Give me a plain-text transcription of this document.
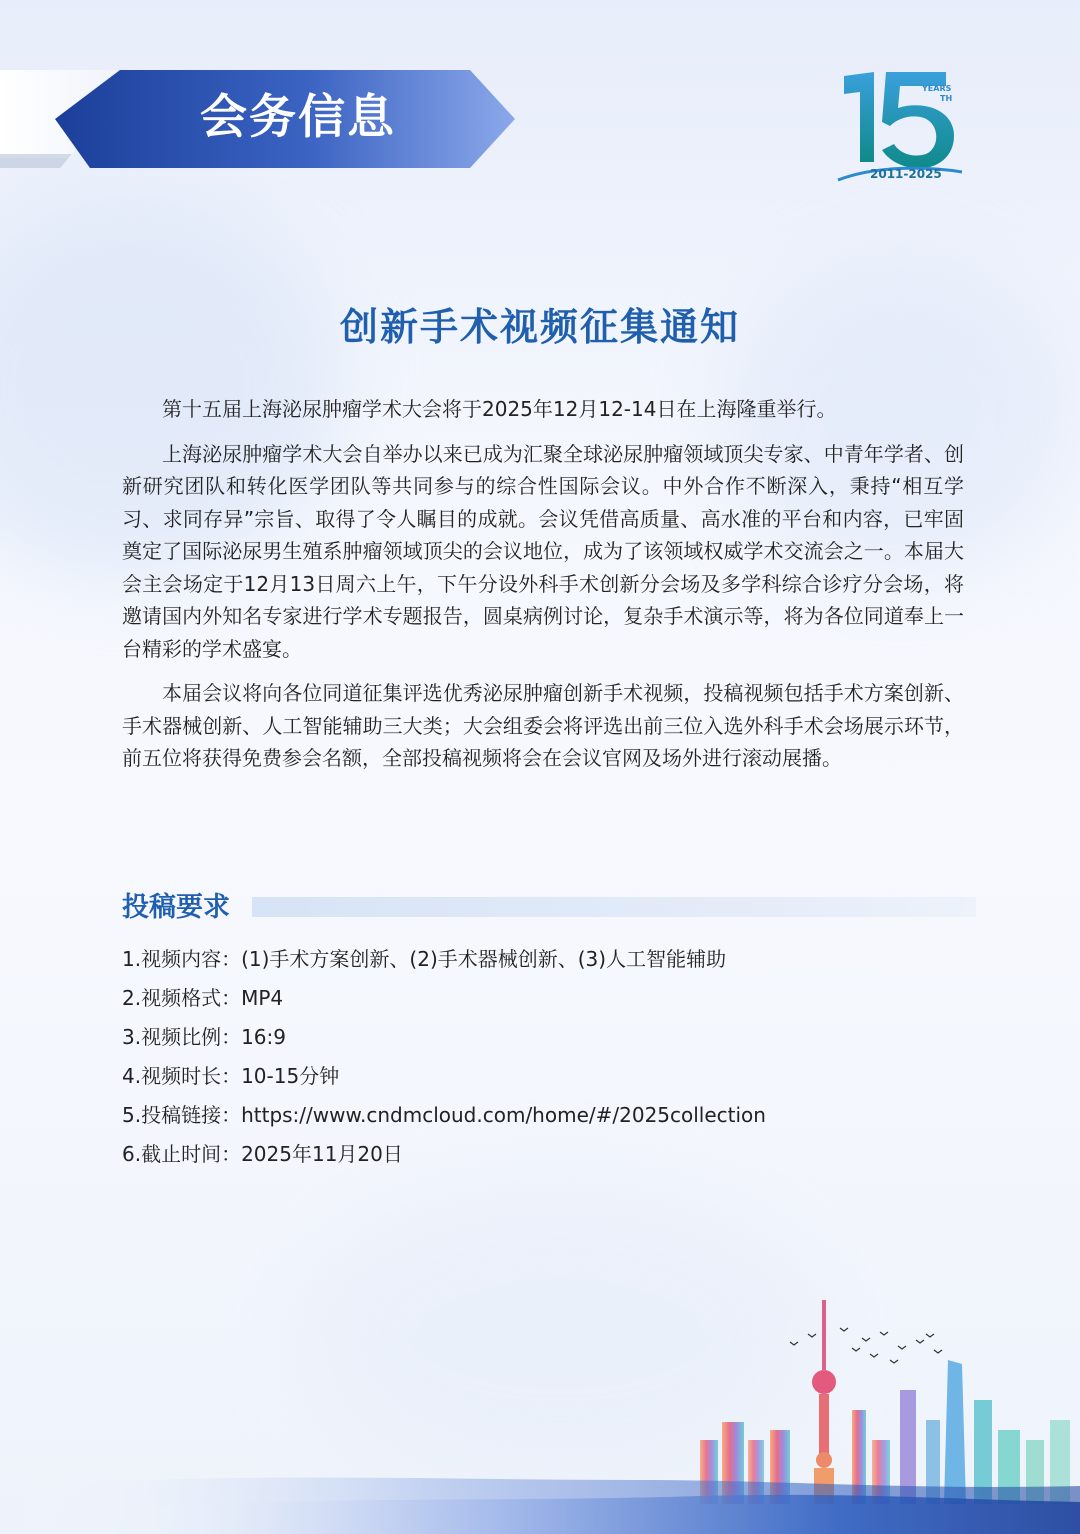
会务信息
YEARS
TH
2011-2025
创新手术视频征集通知

第十五届上海泌尿肿瘤学术大会将于2025年12月12-14日在上海隆重举行。

上海泌尿肿瘤学术大会自举办以来已成为汇聚全球泌尿肿瘤领域顶尖专家、中青年学者、创新研究团队和转化医学团队等共同参与的综合性国际会议。中外合作不断深入，秉持“相互学习、求同存异”宗旨、取得了令人瞩目的成就。会议凭借高质量、高水准的平台和内容，已牢固奠定了国际泌尿男生殖系肿瘤领域顶尖的会议地位，成为了该领域权威学术交流会之一。本届大会主会场定于12月13日周六上午，下午分设外科手术创新分会场及多学科综合诊疗分会场，将邀请国内外知名专家进行学术专题报告，圆桌病例讨论，复杂手术演示等，将为各位同道奉上一台精彩的学术盛宴。

本届会议将向各位同道征集评选优秀泌尿肿瘤创新手术视频，投稿视频包括手术方案创新、手术器械创新、人工智能辅助三大类；大会组委会将评选出前三位入选外科手术会场展示环节，前五位将获得免费参会名额，全部投稿视频将会在会议官网及场外进行滚动展播。

投稿要求
1.视频内容：(1)手术方案创新、(2)手术器械创新、(3)人工智能辅助
2.视频格式：MP4
3.视频比例：16:9
4.视频时长：10-15分钟
5.投稿链接：https://www.cndmcloud.com/home/#/2025collection
6.截止时间：2025年11月20日
